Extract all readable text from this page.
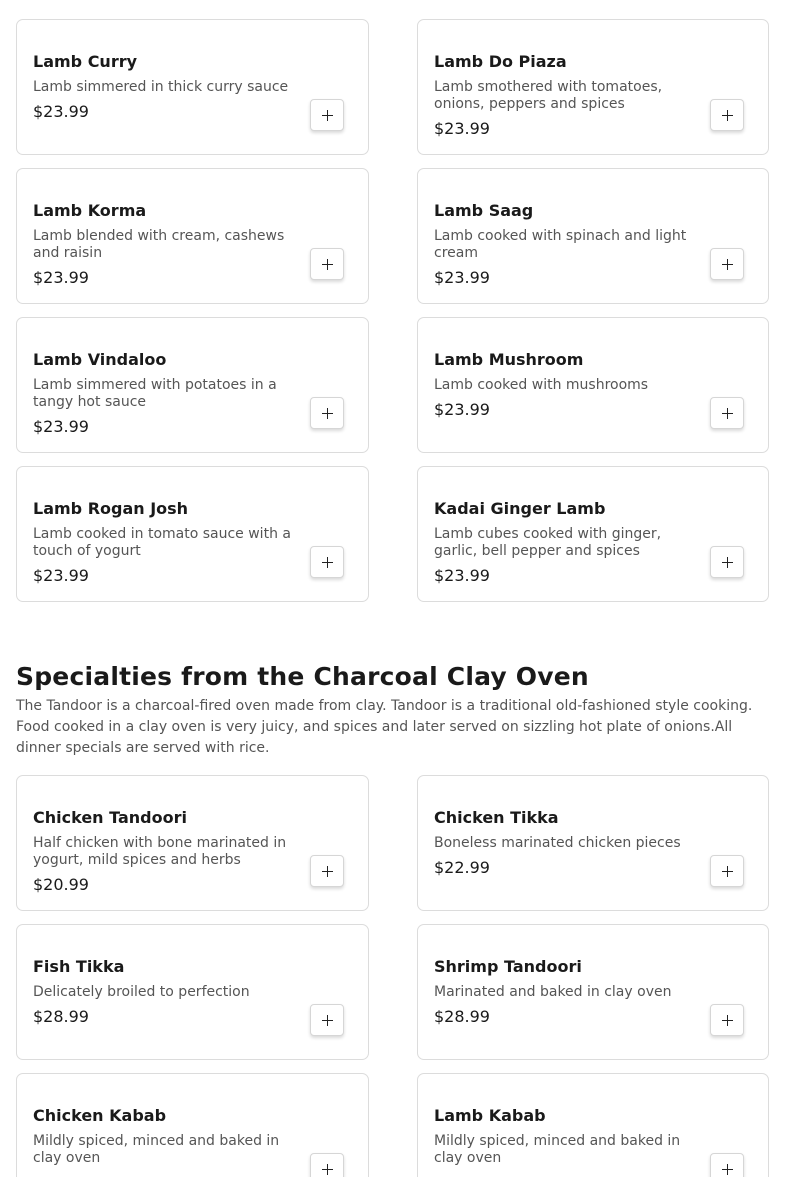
Lamb Curry
Lamb simmered in thick curry sauce
$23.99
Lamb Do Piaza
Lamb smothered with tomatoes, onions, peppers and spices
$23.99
Lamb Korma
Lamb blended with cream, cashews and raisin
$23.99
Lamb Saag
Lamb cooked with spinach and light cream
$23.99
Lamb Vindaloo
Lamb simmered with potatoes in a tangy hot sauce
$23.99
Lamb Mushroom
Lamb cooked with mushrooms
$23.99
Lamb Rogan Josh
Lamb cooked in tomato sauce with a touch of yogurt
$23.99
Kadai Ginger Lamb
Lamb cubes cooked with ginger, garlic, bell pepper and spices
$23.99
Specialties from the Charcoal Clay Oven

The Tandoor is a charcoal-fired oven made from clay. Tandoor is a traditional old-fashioned style cooking. Food cooked in a clay oven is very juicy, and spices and later served on sizzling hot plate of onions.All dinner specials are served with rice.

Chicken Tandoori
Half chicken with bone marinated in yogurt, mild spices and herbs
$20.99
Chicken Tikka
Boneless marinated chicken pieces
$22.99
Fish Tikka
Delicately broiled to perfection
$28.99
Shrimp Tandoori
Marinated and baked in clay oven
$28.99
Chicken Kabab
Mildly spiced, minced and baked in clay oven
Lamb Kabab
Mildly spiced, minced and baked in clay oven
